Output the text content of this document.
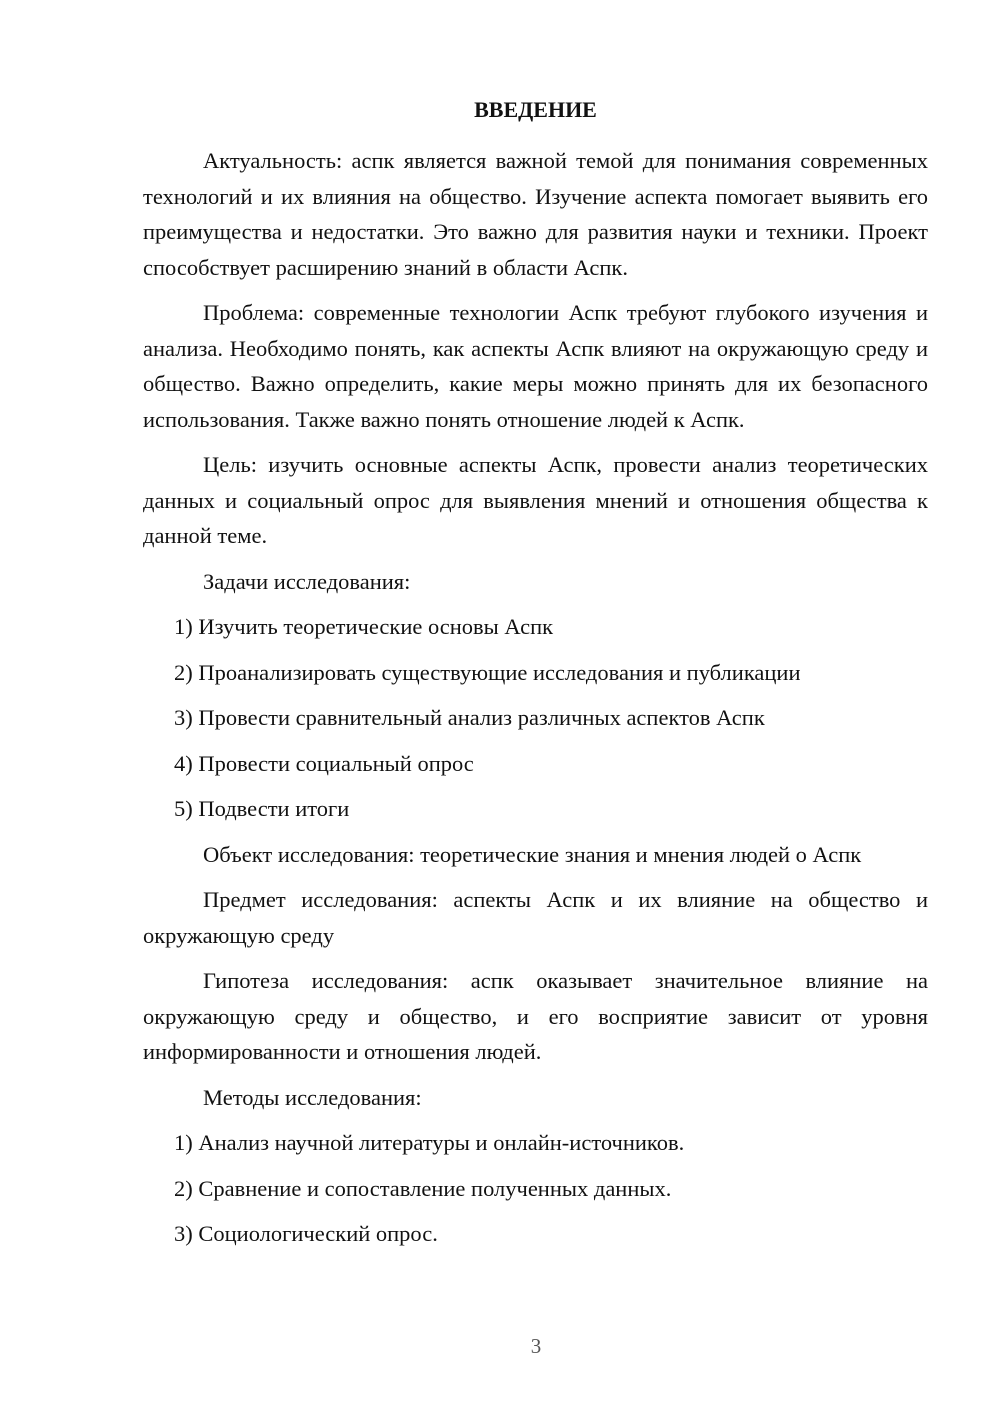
ВВЕДЕНИЕ

Актуальность: аспк является важной темой для понимания современных технологий и их влияния на общество. Изучение аспекта помогает выявить его преимущества и недостатки. Это важно для развития науки и техники. Проект способствует расширению знаний в области Аспк.

Проблема: современные технологии Аспк требуют глубокого изучения и анализа. Необходимо понять, как аспекты Аспк влияют на окружающую среду и общество. Важно определить, какие меры можно принять для их безопасного использования. Также важно понять отношение людей к Аспк.

Цель: изучить основные аспекты Аспк, провести анализ теоретических данных и социальный опрос для выявления мнений и отношения общества к данной теме.

Задачи исследования:
1) Изучить теоретические основы Аспк
2) Проанализировать существующие исследования и публикации
3) Провести сравнительный анализ различных аспектов Аспк
4) Провести социальный опрос
5) Подвести итоги
Объект исследования: теоретические знания и мнения людей о Аспк

Предмет исследования: аспекты Аспк и их влияние на общество и окружающую среду

Гипотеза исследования: аспк оказывает значительное влияние на окружающую среду и общество, и его восприятие зависит от уровня информированности и отношения людей.

Методы исследования:
1) Анализ научной литературы и онлайн-источников.
2) Сравнение и сопоставление полученных данных.
3) Социологический опрос.
3
